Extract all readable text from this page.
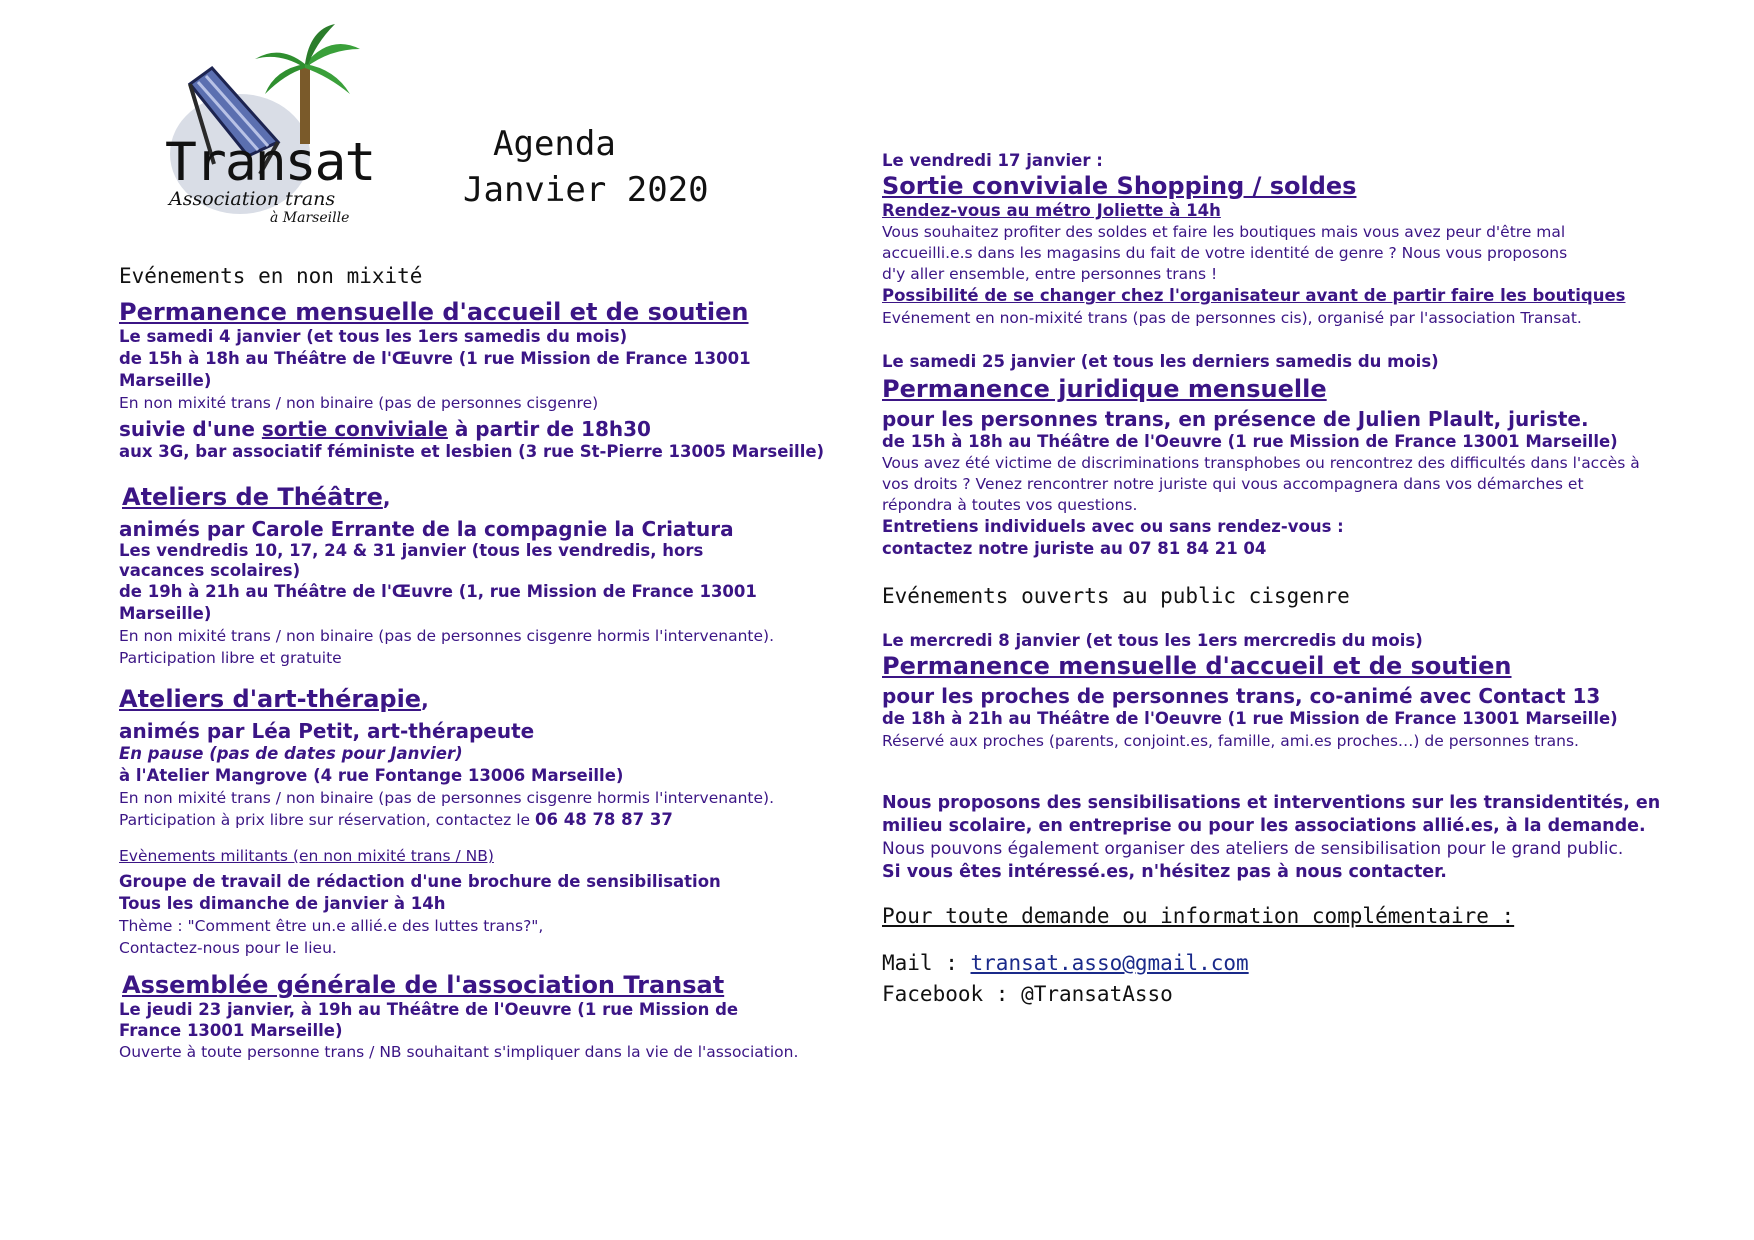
Transat
Association trans
à Marseille
Agenda
Janvier 2020
Evénements en non mixité
Permanence mensuelle d'accueil et de soutien
Le samedi 4 janvier (et tous les 1ers samedis du mois)
de 15h à 18h au Théâtre de l'Œuvre (1 rue Mission de France 13001 Marseille)
En non mixité trans / non binaire (pas de personnes cisgenre)
suivie d'une sortie conviviale à partir de 18h30
aux 3G, bar associatif féministe et lesbien (3 rue St-Pierre 13005 Marseille)
Ateliers de Théâtre,
animés par Carole Errante de la compagnie la Criatura
Les vendredis 10, 17, 24 & 31 janvier (tous les vendredis, hors vacances scolaires)
de 19h à 21h au Théâtre de l'Œuvre (1, rue Mission de France 13001 Marseille)
En non mixité trans / non binaire (pas de personnes cisgenre hormis l'intervenante).
Participation libre et gratuite
Ateliers d'art-thérapie,
animés par Léa Petit, art-thérapeute
En pause (pas de dates pour Janvier)
à l'Atelier Mangrove (4 rue Fontange 13006 Marseille)
En non mixité trans / non binaire (pas de personnes cisgenre hormis l'intervenante).
Participation à prix libre sur réservation, contactez le 06 48 78 87 37
Evènements militants (en non mixité trans / NB)
Groupe de travail de rédaction d'une brochure de sensibilisation
Tous les dimanche de janvier à 14h
Thème : "Comment être un.e allié.e des luttes trans?",
Contactez-nous pour le lieu.
Assemblée générale de l'association Transat
Le jeudi 23 janvier, à 19h au Théâtre de l'Oeuvre (1 rue Mission de France 13001 Marseille)
Ouverte à toute personne trans / NB souhaitant s'impliquer dans la vie de l'association.
Le vendredi 17 janvier :
Sortie conviviale Shopping / soldes
Rendez-vous au métro Joliette à 14h
Vous souhaitez profiter des soldes et faire les boutiques mais vous avez peur d'être mal accueilli.e.s dans les magasins du fait de votre identité de genre ? Nous vous proposons d'y aller ensemble, entre personnes trans !
Possibilité de se changer chez l'organisateur avant de partir faire les boutiques
Evénement en non-mixité trans (pas de personnes cis), organisé par l'association Transat.
Le samedi 25 janvier (et tous les derniers samedis du mois)
Permanence juridique mensuelle
pour les personnes trans, en présence de Julien Plault, juriste.
de 15h à 18h au Théâtre de l'Oeuvre (1 rue Mission de France 13001 Marseille)
Vous avez été victime de discriminations transphobes ou rencontrez des difficultés dans l'accès à vos droits ? Venez rencontrer notre juriste qui vous accompagnera dans vos démarches et répondra à toutes vos questions.
Entretiens individuels avec ou sans rendez-vous :
contactez notre juriste au 07 81 84 21 04
Evénements ouverts au public cisgenre
Le mercredi 8 janvier (et tous les 1ers mercredis du mois)
Permanence mensuelle d'accueil et de soutien
pour les proches de personnes trans, co-animé avec Contact 13
de 18h à 21h au Théâtre de l'Oeuvre (1 rue Mission de France 13001 Marseille)
Réservé aux proches (parents, conjoint.es, famille, ami.es proches…) de personnes trans.
Nous proposons des sensibilisations et interventions sur les transidentités, en milieu scolaire, en entreprise ou pour les associations allié.es, à la demande.
Nous pouvons également organiser des ateliers de sensibilisation pour le grand public.
Si vous êtes intéressé.es, n'hésitez pas à nous contacter.
Pour toute demande ou information complémentaire :
Mail : transat.asso@gmail.com
Facebook : @TransatAsso
